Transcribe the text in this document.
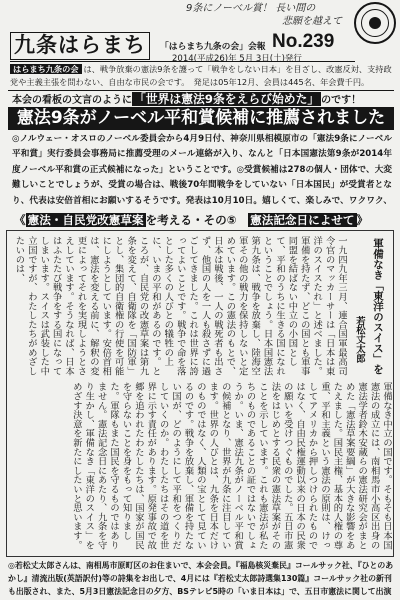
9条にノーベル賞！ 長い間の
悲願を越えて
九条はらまち	「はらまち九条の会」会報 No.239
2014(平成26)年 5月 3日(土)発行
はらまち九条の会 は、戦争放棄の憲法9条を護って「戦争をしない日本」を目ざし、改憲反対、支持政党や主義主張を問わない、自由な市民の会です。　発足は05年12月、会員は445名、年会費千円。
本会の看板の文言のように 「世界は憲法9条をえらび始めた」 のです！
憲法9条がノーベル平和賞候補に推薦されました
◎ノルウェー・オスロのノーベル委員会から4月9日付、神奈川県相模原市の「憲法9条にノーベル平和賞」実行委員会事務局に推薦受理のメール連絡が入り、なんと「日本国憲法第9条が2014年度ノーベル平和賞の正式候補になった」ということです。◎受賞候補は278の個人・団体で、大変難しいことでしょうが、受賞の場合は、戦後70年間戦争をしていない「日本国民」が受賞者となり、代表は安倍首相にお願いするそうです。発表は10月10日。嬉しくて、楽しみで、ワクワク、
《 憲法・自民党改憲草案 を考える・その⑤　憲法記念日によせて 》
軍備なき「東洋のスイス」を
若松丈太郎
一九四九年三月、連合国軍最高司令官のマッカーサーは「日本は東洋のスイスたれ」と述べました。軍備を持たず、どこの国とも軍事同盟を結ばない中立の小国として、平和のうちに生きる国になれということでしょう。日本国憲法第九条は、戦争を放棄し、陸海空軍その他の戦力を保持しないと定めています。この憲法のもとで、日本は戦後、一人の戦死者も出さず、他国の人を一人も殺さずに過ごしてきました。これは世界に誇ってよいことです。戦争で命を落とした多くの人びとの犠牲の上に、いまの平和があるのです。ところが、自民党の改憲草案は第九条を変えて、自衛隊を「国防軍」とし、集団的自衛権の行使を可能にしようとしています。安倍首相は、憲法を変える前に、解釈の変更によってそれを実現しようとさえしています。そうなれば、日本はふたたび戦争をする国になってしまいます。スイスは武装した中立国ですが、わたしたちがめざしたいのは、
軍備なき中立の国です。そもそも日本国憲法の成立には、南相馬市小高区出身の憲法学者鈴木安蔵らの憲法研究会がまとめた「憲法草案要綱」が大きな影響をあたえました。国民主権、基本的人権の尊重、平和主義という憲法の原則は、けっしてアメリカから押しつけられたものではなく、自由民権運動以来の日本の民衆の願いを受けつぐものでした。五日市憲法をはじめとする民衆の憲法草案がそのことを示しています。これも憲法が私たちのものであることの証ではないでしょうか。いま、憲法九条がノーベル平和賞の候補となり、世界が九条に注目しています。世界の人びとは、九条を日本だけのものではなく、人類の宝として見ているのです。戦争を放棄し、軍備を持たない国が、どのようにして平和をつくりだしていくのか。わたしたちはその道を世界に示す責任があります。原発事故で故郷を追われたわたしたちは、国家が国民を守らないことを身をもって知りました。軍隊もまた国民を守るものではありません。憲法記念日にあたり、九条を守り生かし、軍備なき「東洋のスイス」をめざす決意を新たにしたいと思います。
◎若松丈太郎さんは、南相馬市原町区のお住まいで、本会会員。『福島核災棄民』コールサック社、『ひとのあかし』清流出版(英語訳付)等の詩集をお出しで、4月には『若松丈太郎詩選集130篇』コールサック社の新刊も出版され、また、5月3日憲法記念日の夕方、BSテレビ5時の「いま日本は」で、五日市憲法に関して出演
